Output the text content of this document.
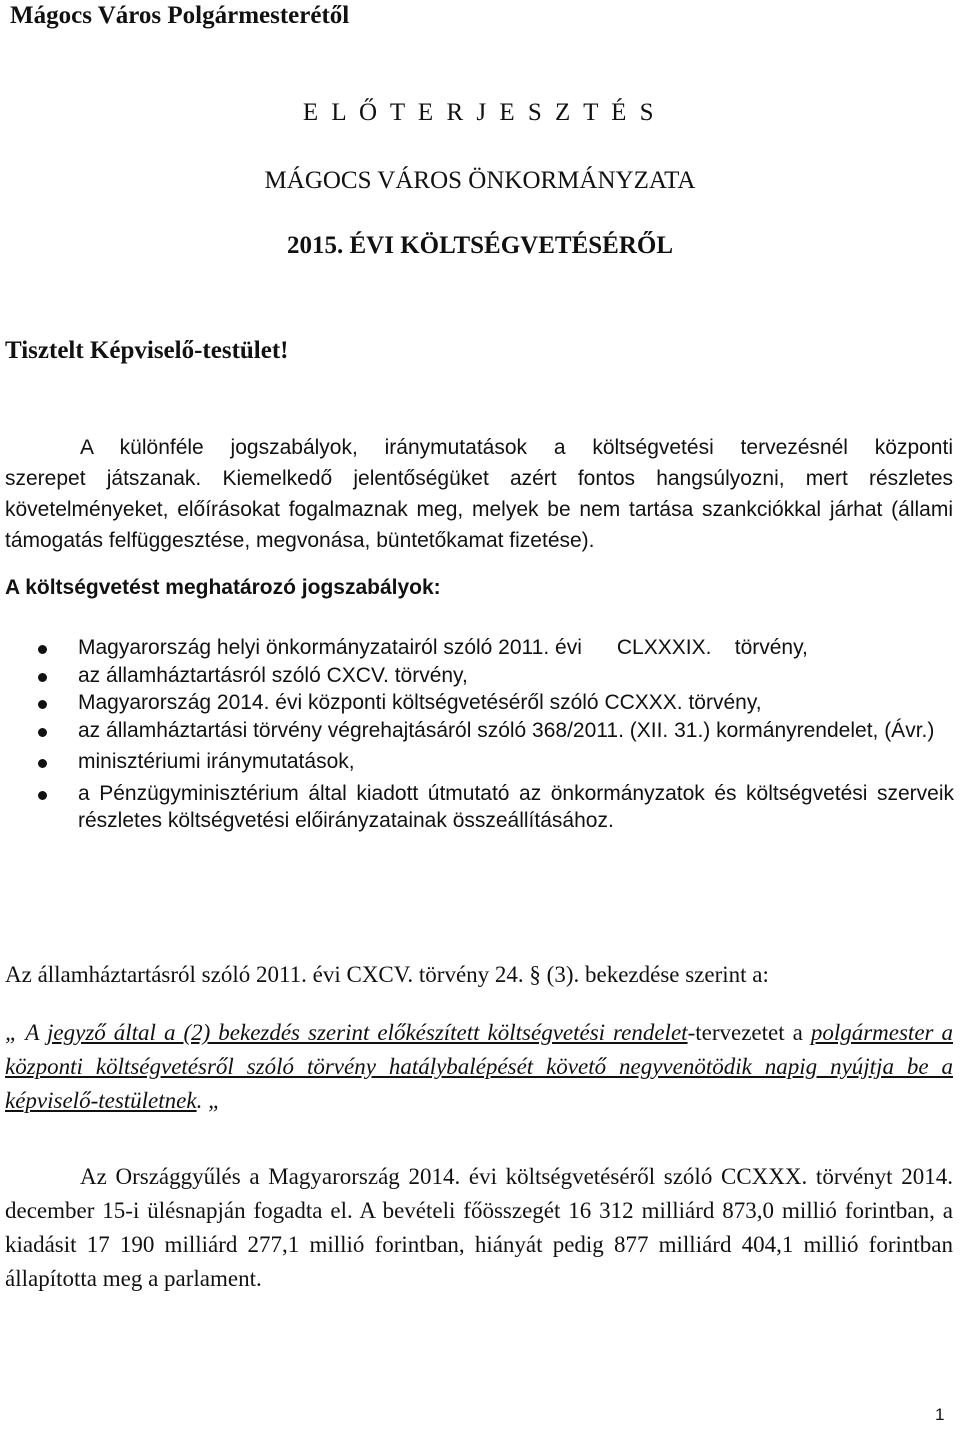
Mágocs Város Polgármesterétől
E L Ő T E R J E S Z T É S
MÁGOCS VÁROS ÖNKORMÁNYZATA
2015. ÉVI KÖLTSÉGVETÉSÉRŐL
Tisztelt Képviselő-testület!
A különféle jogszabályok, iránymutatások a költségvetési tervezésnél központi
szerepet játszanak. Kiemelkedő jelentőségüket azért fontos hangsúlyozni, mert részletes követelményeket, előírásokat fogalmaznak meg, melyek be nem tartása szankciókkal járhat (állami támogatás felfüggesztése, megvonása, büntetőkamat fizetése).
A költségvetést meghatározó jogszabályok:
Magyarország helyi önkormányzatairól szóló 2011. évi      CLXXXIX.    törvény,
az államháztartásról szóló CXCV. törvény,
Magyarország 2014. évi központi költségvetéséről szóló CCXXX. törvény,
az államháztartási törvény végrehajtásáról szóló 368/2011. (XII. 31.) kormányrendelet, (Ávr.)
minisztériumi iránymutatások,
a Pénzügyminisztérium által kiadott útmutató az önkormányzatok és költségvetési szerveik részletes költségvetési előirányzatainak összeállításához.
Az államháztartásról szóló 2011. évi CXCV. törvény 24. § (3). bekezdése szerint a:
„ A jegyző által a (2) bekezdés szerint előkészített költségvetési rendelet-tervezetet a polgármester a központi költségvetésről szóló törvény hatálybalépését követő negyvenötödik napig nyújtja be a képviselő-testületnek. „
Az Országgyűlés a Magyarország 2014. évi költségvetéséről szóló CCXXX. törvényt 2014. december 15-i ülésnapján fogadta el. A bevételi főösszegét 16 312 milliárd 873,0 millió forintban, a kiadásit 17 190 milliárd 277,1 millió forintban, hiányát pedig 877 milliárd 404,1 millió forintban állapította meg a parlament.
1
